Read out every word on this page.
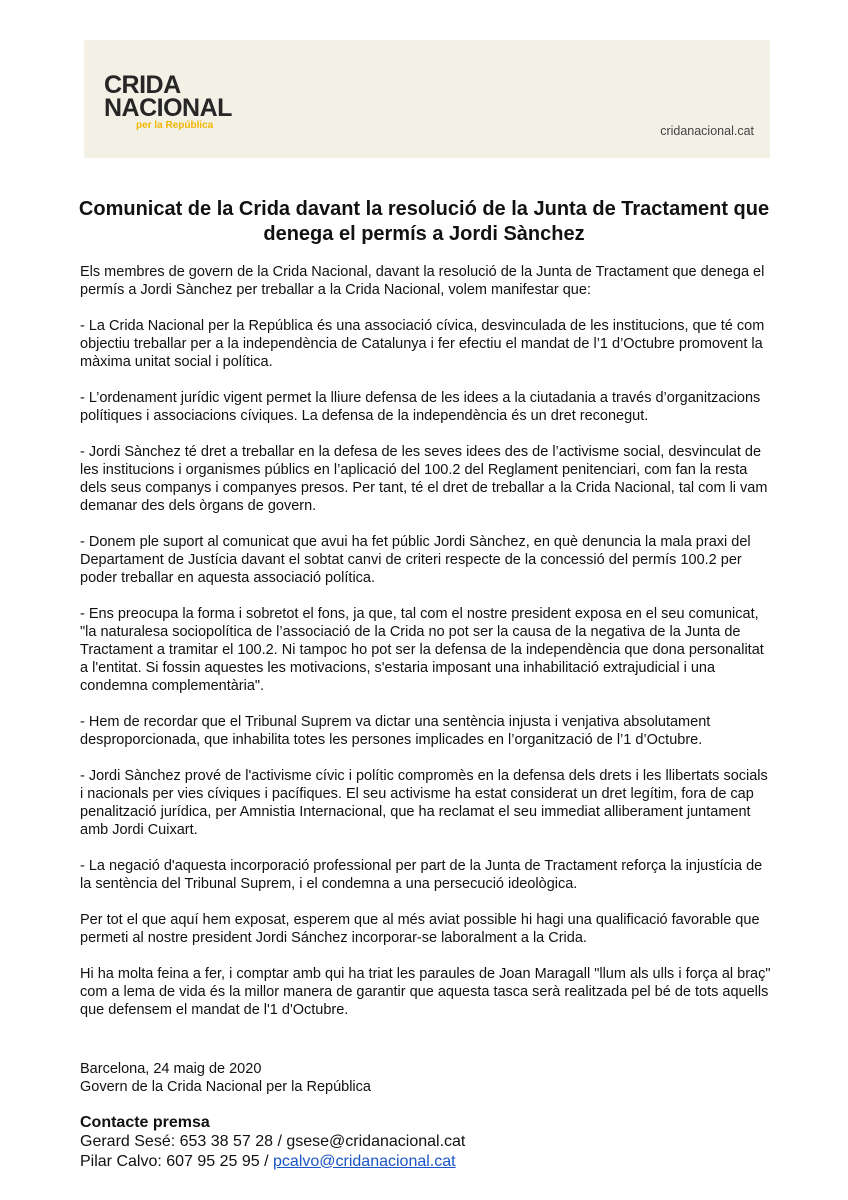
CRIDA
NACIONAL
per la República	cridanacional.cat
Comunicat de la Crida davant la resolució de la Junta de Tractament que denega el permís a Jordi Sànchez

Els membres de govern de la Crida Nacional, davant la resolució de la Junta de Tractament que denega el permís a Jordi Sànchez per treballar a la Crida Nacional, volem manifestar que:

- La Crida Nacional per la República és una associació cívica, desvinculada de les institucions, que té com objectiu treballar per a la independència de Catalunya i fer efectiu el mandat de l’1 d’Octubre promovent la màxima unitat social i política.

- L’ordenament jurídic vigent permet la lliure defensa de les idees a la ciutadania a través d’organitzacions polítiques i associacions cíviques. La defensa de la independència és un dret reconegut.

- Jordi Sànchez té dret a treballar en la defesa de les seves idees des de l’activisme social, desvinculat de les institucions i organismes públics en l’aplicació del 100.2 del Reglament penitenciari, com fan la resta dels seus companys i companyes presos. Per tant, té el dret de treballar a la Crida Nacional, tal com li vam demanar des dels òrgans de govern.

- Donem ple suport al comunicat que avui ha fet públic Jordi Sànchez, en què denuncia la mala praxi del Departament de Justícia davant el sobtat canvi de criteri respecte de la concessió del permís 100.2 per poder treballar en aquesta associació política.

- Ens preocupa la forma i sobretot el fons, ja que, tal com el nostre president exposa en el seu comunicat, "la naturalesa sociopolítica de l’associació de la Crida no pot ser la causa de la negativa de la Junta de Tractament a tramitar el 100.2. Ni tampoc ho pot ser la defensa de la independència que dona personalitat a l'entitat. Si fossin aquestes les motivacions, s'estaria imposant una inhabilitació extrajudicial i una condemna complementària".

- Hem de recordar que el Tribunal Suprem va dictar una sentència injusta i venjativa absolutament desproporcionada, que inhabilita totes les persones implicades en l’organització de l’1 d’Octubre.

- Jordi Sànchez prové de l'activisme cívic i polític compromès en la defensa dels drets i les llibertats socials i nacionals per vies cíviques i pacífiques. El seu activisme ha estat considerat un dret legítim, fora de cap penalització jurídica, per Amnistia Internacional, que ha reclamat el seu immediat alliberament juntament amb Jordi Cuixart.

- La negació d'aquesta incorporació professional per part de la Junta de Tractament reforça la injustícia de la sentència del Tribunal Suprem, i el condemna a una persecució ideològica.

Per tot el que aquí hem exposat, esperem que al més aviat possible hi hagi una qualificació favorable que permeti al nostre president Jordi Sánchez incorporar-se laboralment a la Crida.

Hi ha molta feina a fer, i comptar amb qui ha triat les paraules de Joan Maragall "llum als ulls i força al braç" com a lema de vida és la millor manera de garantir que aquesta tasca serà realitzada pel bé de tots aquells que defensem el mandat de l'1 d'Octubre.

Barcelona, 24 maig de 2020
Govern de la Crida Nacional per la República
Contacte premsa
Gerard Sesé: 653 38 57 28 / gsese@cridanacional.cat
Pilar Calvo: 607 95 25 95 / pcalvo@cridanacional.cat
